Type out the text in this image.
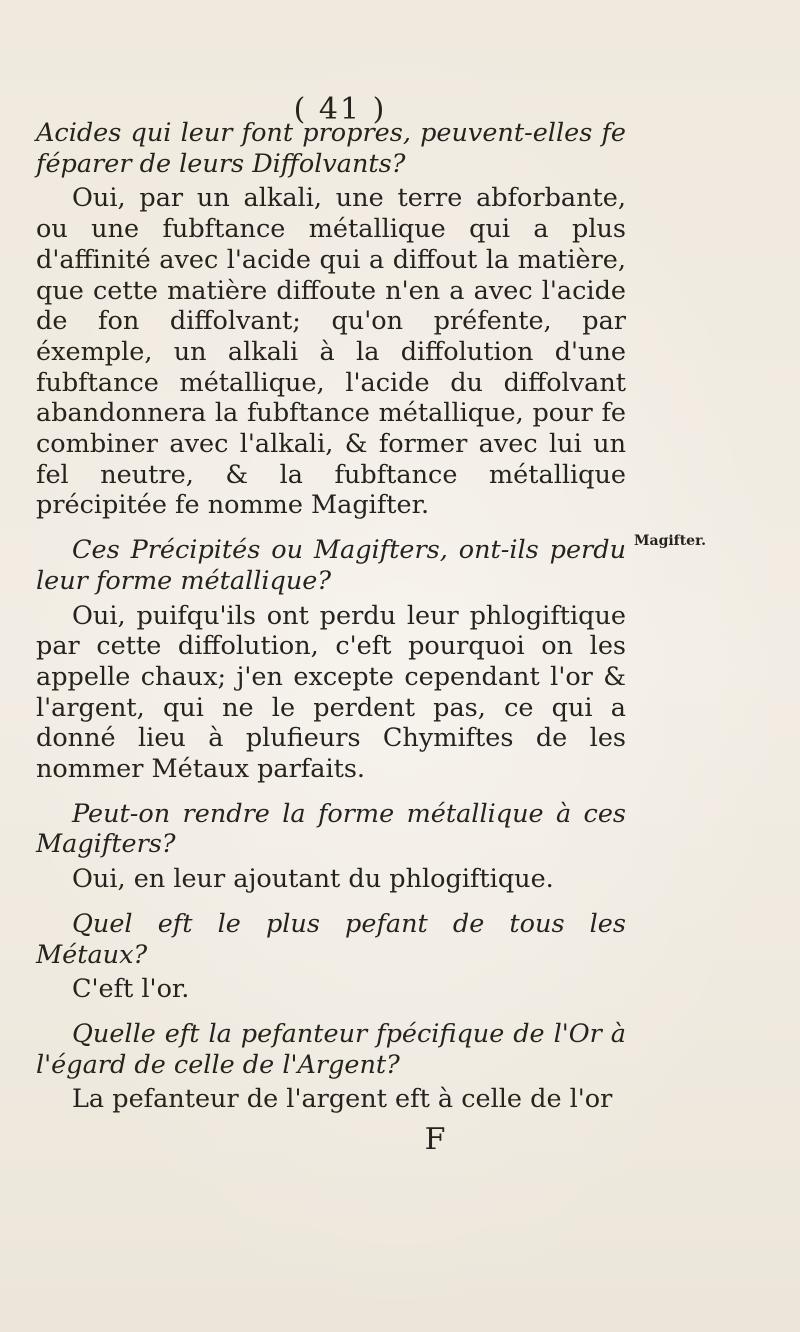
( 41 )

Acides qui leur font propres, peuvent-elles fe féparer de leurs Diffolvants?

Oui, par un alkali, une terre abforbante, ou une fubftance métallique qui a plus d'affinité avec l'acide qui a diffout la matière, que cette matière diffoute n'en a avec l'acide de fon diffolvant; qu'on préfente, par éxemple, un alkali à la diffolution d'une fubftance métallique, l'acide du diffolvant abandonnera la fubftance métallique, pour fe combiner avec l'alkali, & former avec lui un fel neutre, & la fubftance métallique précipitée fe nomme Magifter.

Ces Précipités ou Magifters, ont-ils perdu leur forme métallique?

Oui, puifqu'ils ont perdu leur phlogiftique par cette diffolution, c'eft pourquoi on les appelle chaux; j'en excepte cependant l'or & l'argent, qui ne le perdent pas, ce qui a donné lieu à plufieurs Chymiftes de les nommer Métaux parfaits.

Peut-on rendre la forme métallique à ces Magifters?

Oui, en leur ajoutant du phlogiftique.

Quel eft le plus pefant de tous les Métaux?

C'eft l'or.

Quelle eft la pefanteur fpécifique de l'Or à l'égard de celle de l'Argent?

La pefanteur de l'argent eft à celle de l'or

Magifter.
F
